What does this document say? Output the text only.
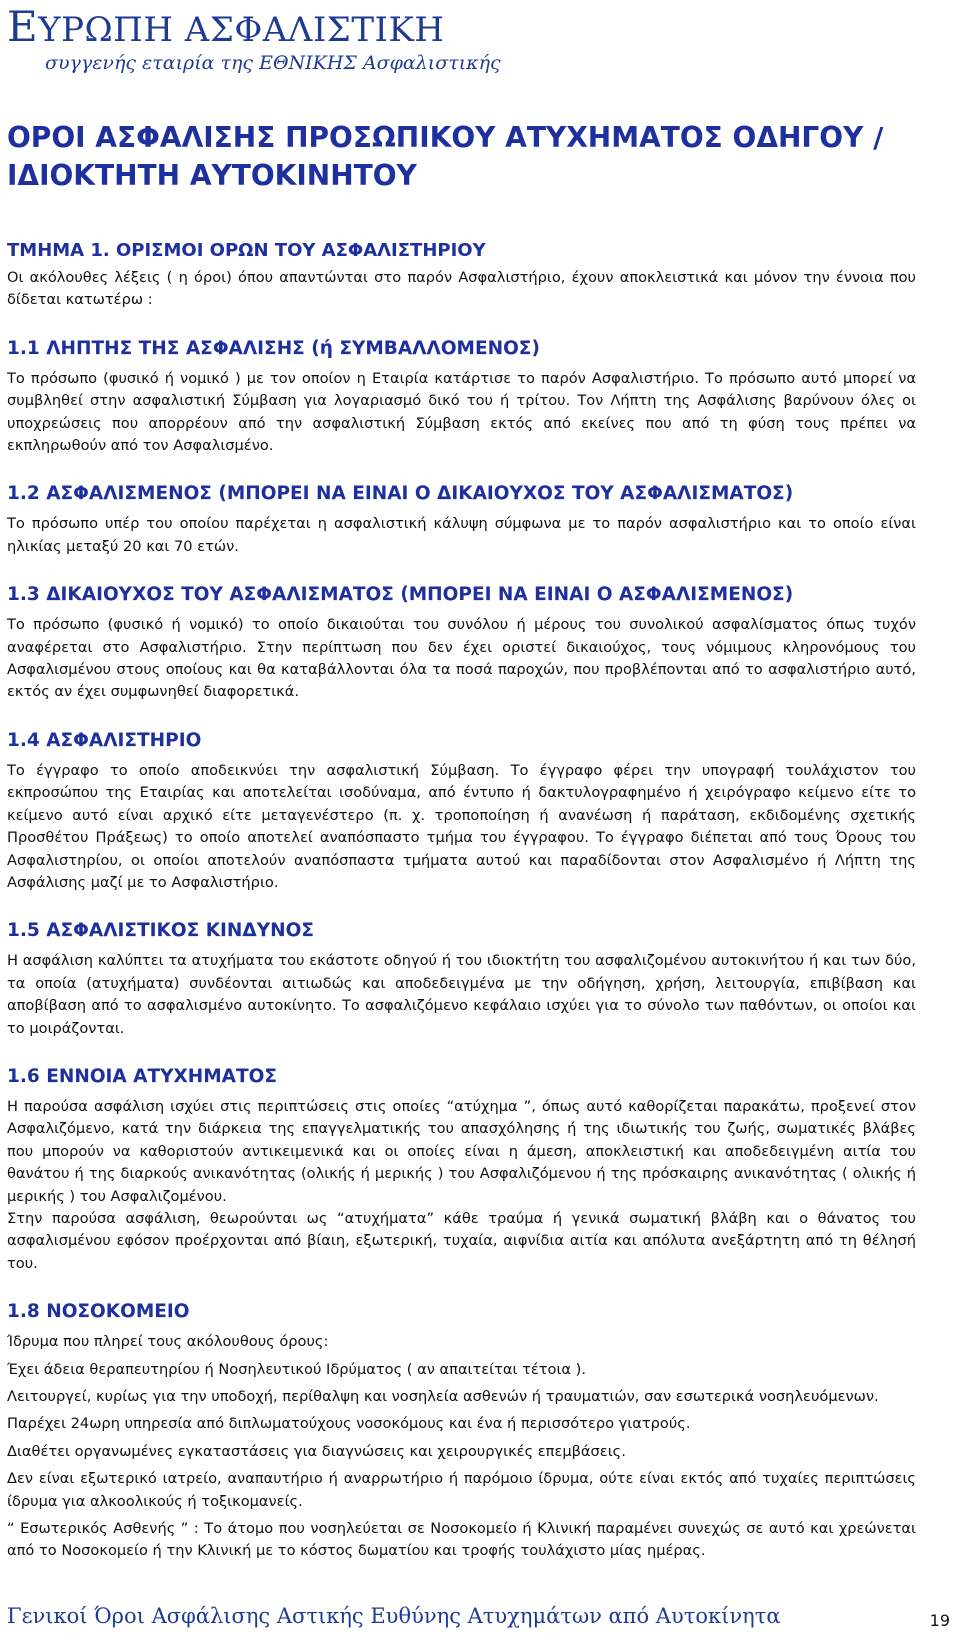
ΕΥΡΩΠΗ ΑΣΦΑΛΙΣΤΙΚΗ
συγγενής εταιρία της ΕΘΝΙΚΗΣ Ασφαλιστικής
ΟΡΟΙ ΑΣΦΑΛΙΣΗΣ ΠΡΟΣΩΠΙΚΟΥ ΑΤΥΧΗΜΑΤΟΣ ΟΔΗΓΟΥ / ΙΔΙΟΚΤΗΤΗ ΑΥΤΟΚΙΝΗΤΟΥ
ΤΜΗΜΑ 1. ΟΡΙΣΜΟΙ ΟΡΩΝ ΤΟΥ ΑΣΦΑΛΙΣΤΗΡΙΟΥ

Οι ακόλουθες λέξεις ( η όροι) όπου απαντώνται στο παρόν Ασφαλιστήριο, έχουν αποκλειστικά και μόνον την έννοια που δίδεται κατωτέρω :

1.1 ΛΗΠΤΗΣ ΤΗΣ ΑΣΦΑΛΙΣΗΣ (ή ΣΥΜΒΑΛΛΟΜΕΝΟΣ)

Το πρόσωπο (φυσικό ή νομικό ) με τον οποίον η Εταιρία κατάρτισε το παρόν Ασφαλιστήριο. Το πρόσωπο αυτό μπορεί να συμβληθεί στην ασφαλιστική Σύμβαση για λογαριασμό δικό του ή τρίτου. Τον Λήπτη της Ασφάλισης βαρύνουν όλες οι υποχρεώσεις που απορρέουν από την ασφαλιστική Σύμβαση εκτός από εκείνες που από τη φύση τους πρέπει να εκπληρωθούν από τον Ασφαλισμένο.

1.2 ΑΣΦΑΛΙΣΜΕΝΟΣ (ΜΠΟΡΕΙ ΝΑ ΕΙΝΑΙ Ο ΔΙΚΑΙΟΥΧΟΣ ΤΟΥ ΑΣΦΑΛΙΣΜΑΤΟΣ)

Το πρόσωπο υπέρ του οποίου παρέχεται η ασφαλιστική κάλυψη σύμφωνα με το παρόν ασφαλιστήριο και το οποίο είναι ηλικίας μεταξύ 20 και 70 ετών.

1.3 ΔΙΚΑΙΟΥΧΟΣ ΤΟΥ ΑΣΦΑΛΙΣΜΑΤΟΣ (ΜΠΟΡΕΙ ΝΑ ΕΙΝΑΙ Ο ΑΣΦΑΛΙΣΜΕΝΟΣ)

Το πρόσωπο (φυσικό ή νομικό) το οποίο δικαιούται του συνόλου ή μέρους του συνολικού ασφαλίσματος όπως τυχόν αναφέρεται στο Ασφαλιστήριο. Στην περίπτωση που δεν έχει οριστεί δικαιούχος, τους νόμιμους κληρονόμους του Ασφαλισμένου στους οποίους και θα καταβάλλονται όλα τα ποσά παροχών, που προβλέπονται από το ασφαλιστήριο αυτό, εκτός αν έχει συμφωνηθεί διαφορετικά.

1.4 ΑΣΦΑΛΙΣΤΗΡΙΟ

Το έγγραφο το οποίο αποδεικνύει την ασφαλιστική Σύμβαση. Το έγγραφο φέρει την υπογραφή τουλάχιστον του εκπροσώπου της Εταιρίας και αποτελείται ισοδύναμα, από έντυπο ή δακτυλογραφημένο ή χειρόγραφο κείμενο είτε το κείμενο αυτό είναι αρχικό είτε μεταγενέστερο (π. χ. τροποποίηση ή ανανέωση ή παράταση, εκδιδομένης σχετικής Προσθέτου Πράξεως) το οποίο αποτελεί αναπόσπαστο τμήμα του έγγραφου. Το έγγραφο διέπεται από τους Όρους του Ασφαλιστηρίου, οι οποίοι αποτελούν αναπόσπαστα τμήματα αυτού και παραδίδονται στον Ασφαλισμένο ή Λήπτη της Ασφάλισης μαζί με το Ασφαλιστήριο.

1.5 ΑΣΦΑΛΙΣΤΙΚΟΣ ΚΙΝΔΥΝΟΣ

Η ασφάλιση καλύπτει τα ατυχήματα του εκάστοτε οδηγού ή του ιδιοκτήτη του ασφαλιζομένου αυτοκινήτου ή και των δύο, τα οποία (ατυχήματα) συνδέονται αιτιωδώς και αποδεδειγμένα με την οδήγηση, χρήση, λειτουργία, επιβίβαση και αποβίβαση από το ασφαλισμένο αυτοκίνητο. Το ασφαλιζόμενο κεφάλαιο ισχύει για το σύνολο των παθόντων, οι οποίοι και το μοιράζονται.

1.6 ΕΝΝΟΙΑ ΑΤΥΧΗΜΑΤΟΣ

Η παρούσα ασφάλιση ισχύει στις περιπτώσεις στις οποίες “ατύχημα ”, όπως αυτό καθορίζεται παρακάτω, προξενεί στον Ασφαλιζόμενο, κατά την διάρκεια της επαγγελματικής του απασχόλησης ή της ιδιωτικής του ζωής, σωματικές βλάβες που μπορούν να καθοριστούν αντικειμενικά και οι οποίες είναι η άμεση, αποκλειστική και αποδεδειγμένη αιτία του θανάτου ή της διαρκούς ανικανότητας (ολικής ή μερικής ) του Ασφαλιζόμενου ή της πρόσκαιρης ανικανότητας ( ολικής ή μερικής ) του Ασφαλιζομένου.

Στην παρούσα ασφάλιση, θεωρούνται ως “ατυχήματα” κάθε τραύμα ή γενικά σωματική βλάβη και ο θάνατος του ασφαλισμένου εφόσον προέρχονται από βίαιη, εξωτερική, τυχαία, αιφνίδια αιτία και απόλυτα ανεξάρτητη από τη θέλησή του.

1.8 ΝΟΣΟΚΟΜΕΙΟ

Ίδρυμα που πληρεί τους ακόλουθους όρους:

Έχει άδεια θεραπευτηρίου ή Νοσηλευτικού Ιδρύματος ( αν απαιτείται τέτοια ).

Λειτουργεί, κυρίως για την υποδοχή, περίθαλψη και νοσηλεία ασθενών ή τραυματιών, σαν εσωτερικά νοσηλευόμενων.

Παρέχει 24ωρη υπηρεσία από διπλωματούχους νοσοκόμους και ένα ή περισσότερο γιατρούς.

Διαθέτει οργανωμένες εγκαταστάσεις για διαγνώσεις και χειρουργικές επεμβάσεις.

Δεν είναι εξωτερικό ιατρείο, αναπαυτήριο ή αναρρωτήριο ή παρόμοιο ίδρυμα, ούτε είναι εκτός από τυχαίες περιπτώσεις ίδρυμα για αλκοολικούς ή τοξικομανείς.

“ Εσωτερικός Ασθενής ” : Το άτομο που νοσηλεύεται σε Νοσοκομείο ή Κλινική παραμένει συνεχώς σε αυτό και χρεώνεται από το Νοσοκομείο ή την Κλινική με το κόστος δωματίου και τροφής τουλάχιστο μίας ημέρας.

Γενικοί Όροι Ασφάλισης Αστικής Ευθύνης Ατυχημάτων από Αυτοκίνητα	19
